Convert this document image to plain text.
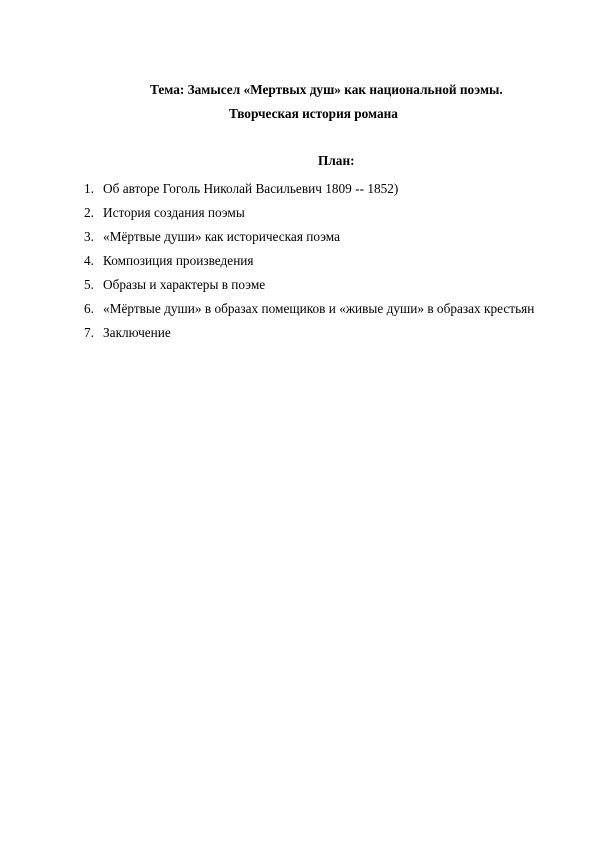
Тема: Замысел «Мертвых душ» как национальной поэмы.
Творческая история романа
План:
1. Об авторе Гоголь Николай Васильевич 1809 -- 1852)
2. История создания поэмы
3. «Мёртвые души» как историческая поэма
4. Композиция произведения
5. Образы и характеры в поэме
6. «Мёртвые души» в образах помещиков и «живые души» в образах крестьян
7. Заключение
